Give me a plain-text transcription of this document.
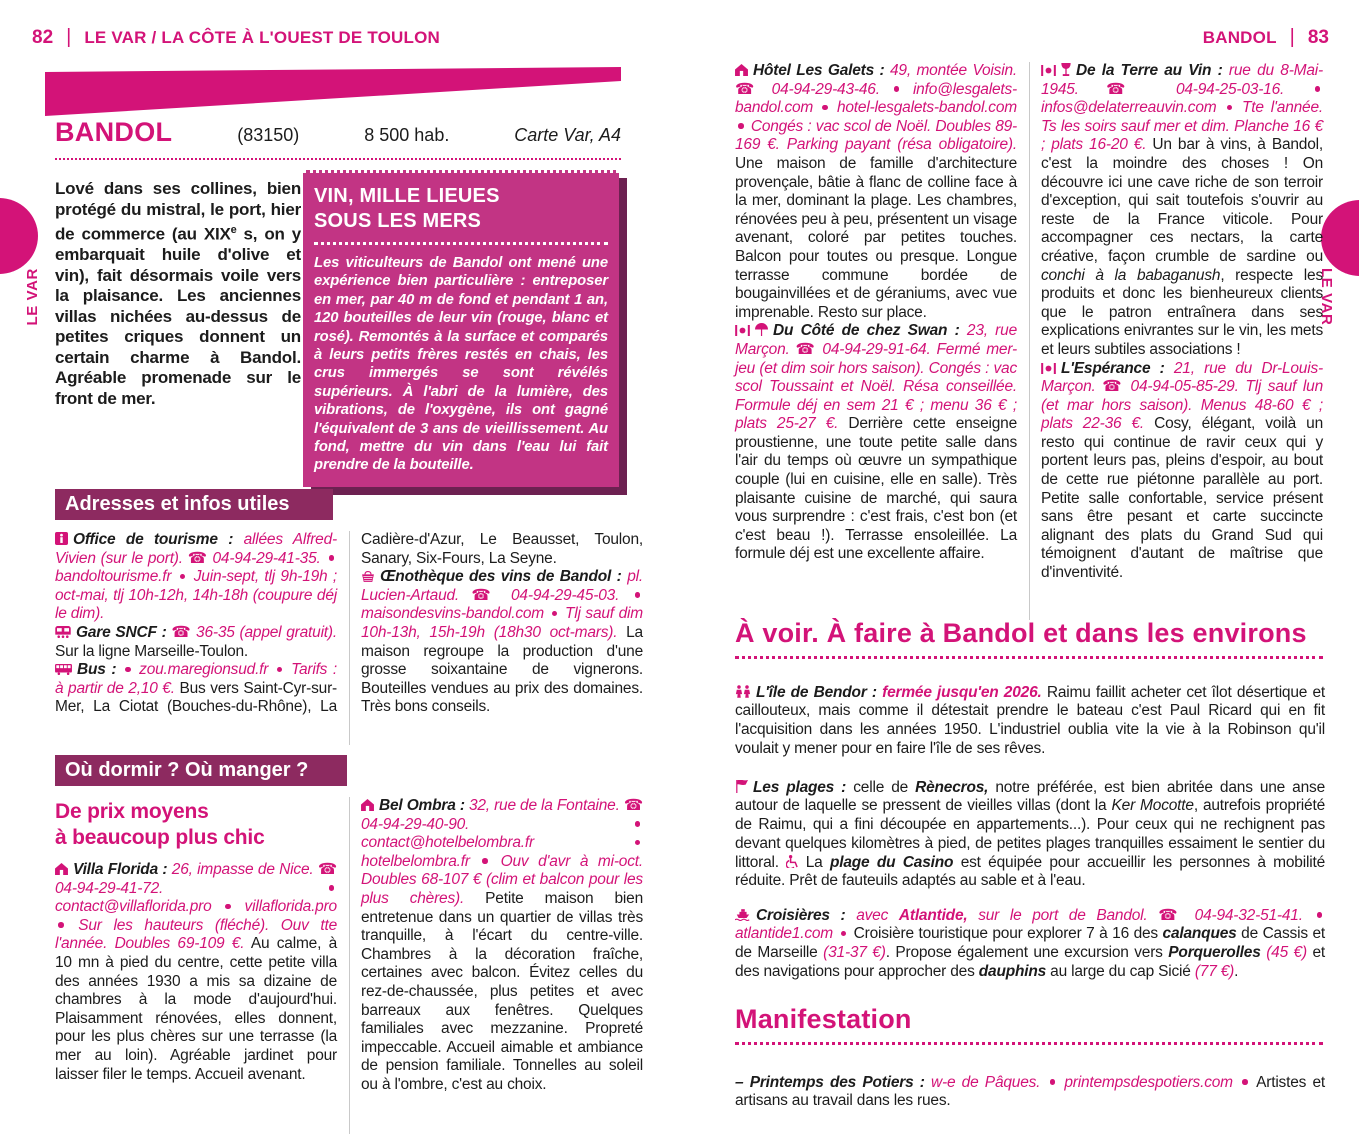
82 | LE VAR / LA CÔTE À L'OUEST DE TOULON	BANDOL | 83
LE VAR	LE VAR
BANDOL	(83150)	8 500 hab.	Carte Var, A4

Lové dans ses collines, bien protégé du mistral, le port, hier de commerce (au XIXe s, on y embarquait huile d'olive et vin), fait désormais voile vers la plaisance. Les anciennes villas nichées au-dessus de petites criques donnent un certain charme à Bandol. Agréable promenade sur le front de mer.

VIN, MILLE LIEUES
SOUS LES MERS

Les viticulteurs de Bandol ont mené une expérience bien particulière : entreposer en mer, par 40 m de fond et pendant 1 an, 120 bouteilles de leur vin (rouge, blanc et rosé). Remontés à la surface et comparés à leurs petits frères restés en chais, les crus immergés se sont révélés supérieurs. À l'abri de la lumière, des vibrations, de l'oxygène, ils ont gagné l'équivalent de 3 ans de vieillissement. Au fond, mettre du vin dans l'eau lui fait prendre de la bouteille.

Adresses et infos utiles

Office de tourisme : allées Alfred-Vivien (sur le port). ☎ 04-94-29-41-35.  bandoltourisme.fr  Juin-sept, tlj 9h-19h ; oct-mai, tlj 10h-12h, 14h-18h (coupure déj le dim).

Gare SNCF : ☎ 36-35 (appel gratuit). Sur la ligne Marseille-Toulon.

Bus :  zou.maregionsud.fr  Tarifs : à partir de 2,10 €. Bus vers Saint-Cyr-sur-Mer, La Ciotat (Bouches-du-Rhône), La Cadière-d'Azur, Le Beausset, Toulon, Sanary, Six-Fours, La Seyne.

Œnothèque des vins de Bandol : pl. Lucien-Artaud. ☎ 04-94-29-45-03.  maisondesvins-bandol.com  Tlj sauf dim 10h-13h, 15h-19h (18h30 oct-mars). La maison regroupe la production d'une grosse soixantaine de vignerons. Bouteilles vendues au prix des domaines. Très bons conseils.

Où dormir ? Où manger ?
De prix moyens
à beaucoup plus chic

Villa Florida : 26, impasse de Nice. ☎ 04-94-29-41-72.  contact@villaflorida.pro  villaflorida.pro  Sur les hauteurs (fléché). Ouv tte l'année. Doubles 69-109 €. Au calme, à 10 mn à pied du centre, cette petite villa des années 1930 a mis sa dizaine de chambres à la mode d'aujourd'hui. Plaisamment rénovées, elles donnent, pour les plus chères sur une terrasse (la mer au loin). Agréable jardinet pour laisser filer le temps. Accueil avenant.

Bel Ombra : 32, rue de la Fontaine. ☎ 04-94-29-40-90.  contact@hotelbelombra.fr  hotelbelombra.fr  Ouv d'avr à mi-oct. Doubles 68-107 € (clim et balcon pour les plus chères). Petite maison bien entretenue dans un quartier de villas très tranquille, à l'écart du centre-ville. Chambres à la décoration fraîche, certaines avec balcon. Évitez celles du rez-de-chaussée, plus petites et avec barreaux aux fenêtres. Quelques familiales avec mezzanine. Propreté impeccable. Accueil aimable et ambiance de pension familiale. Tonnelles au soleil ou à l'ombre, c'est au choix.

Hôtel Les Galets : 49, montée Voisin. ☎ 04-94-29-43-46.  info@lesgalets-bandol.com  hotel-lesgalets-bandol.com  Congés : vac scol de Noël. Doubles 89-169 €. Parking payant (résa obligatoire). Une maison de famille d'architecture provençale, bâtie à flanc de colline face à la mer, dominant la plage. Les chambres, rénovées peu à peu, présentent un visage avenant, coloré par petites touches. Balcon pour toutes ou presque. Longue terrasse commune bordée de bougainvillées et de géraniums, avec vue imprenable. Resto sur place.

Du Côté de chez Swan : 23, rue Marçon. ☎ 04-94-29-91-64. Fermé mer-jeu (et dim soir hors saison). Congés : vac scol Toussaint et Noël. Résa conseillée. Formule déj en sem 21 € ; menu 36 € ; plats 25-27 €. Derrière cette enseigne proustienne, une toute petite salle dans l'air du temps où œuvre un sympathique couple (lui en cuisine, elle en salle). Très plaisante cuisine de marché, qui saura vous surprendre : c'est frais, c'est bon (et c'est beau !). Terrasse ensoleillée. La formule déj est une excellente affaire.

De la Terre au Vin : rue du 8-Mai-1945. ☎ 04-94-25-03-16.  infos@delaterreauvin.com  Tte l'année. Ts les soirs sauf mer et dim. Planche 16 € ; plats 16-20 €. Un bar à vins, à Bandol, c'est la moindre des choses ! On découvre ici une cave riche de son terroir d'exception, qui sait toutefois s'ouvrir au reste de la France viticole. Pour accompagner ces nectars, la carte créative, façon crumble de sardine ou conchi à la babaganush, respecte les produits et donc les bienheureux clients que le patron entraînera dans ses explications enivrantes sur le vin, les mets et leurs subtiles associations !

L'Espérance : 21, rue du Dr-Louis-Marçon. ☎ 04-94-05-85-29. Tlj sauf lun (et mar hors saison). Menus 48-60 € ; plats 22-36 €. Cosy, élégant, voilà un resto qui continue de ravir ceux qui y portent leurs pas, pleins d'espoir, au bout de cette rue piétonne parallèle au port. Petite salle confortable, service présent sans être pesant et carte succincte alignant des plats du Grand Sud qui témoignent d'autant de maîtrise que d'inventivité.

À voir. À faire à Bandol et dans les environs

L'île de Bendor : fermée jusqu'en 2026. Raimu faillit acheter cet îlot désertique et caillouteux, mais comme il détestait prendre le bateau c'est Paul Ricard qui en fit l'acquisition dans les années 1950. L'industriel oublia vite la vie à la Robinson qu'il voulait y mener pour en faire l'île de ses rêves.

Les plages : celle de Rènecros, notre préférée, est bien abritée dans une anse autour de laquelle se pressent de vieilles villas (dont la Ker Mocotte, autrefois propriété de Raimu, qui a fini découpée en appartements...). Pour ceux qui ne rechignent pas devant quelques kilomètres à pied, de petites plages tranquilles essaiment le sentier du littoral.  La plage du Casino est équipée pour accueillir les personnes à mobilité réduite. Prêt de fauteuils adaptés au sable et à l'eau.

Croisières : avec Atlantide, sur le port de Bandol. ☎ 04-94-32-51-41.  atlantide1.com  Croisière touristique pour explorer 7 à 16 des calanques de Cassis et de Marseille (31-37 €). Propose également une excursion vers Porquerolles (45 €) et des navigations pour approcher des dauphins au large du cap Sicié (77 €).

Manifestation

– Printemps des Potiers : w-e de Pâques.  printempsdespotiers.com  Artistes et artisans au travail dans les rues.
